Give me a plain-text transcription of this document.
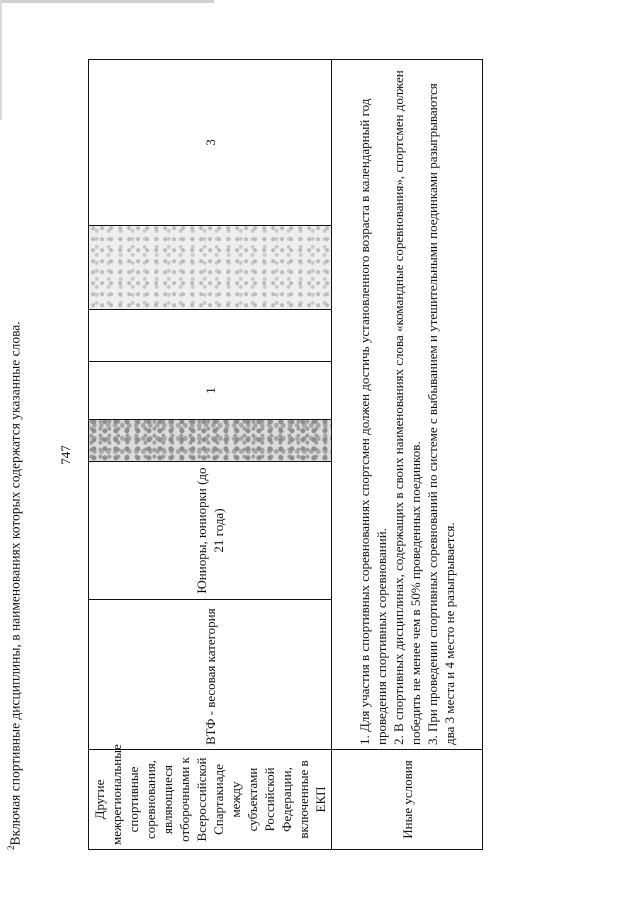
747
Другие межрегиональные спортивные соревнования, являющиеся отборочными к Всероссийской Спартакиаде между субъектами Российской Федерации, включенные в ЕКП	ВТФ - весовая категория	Юниоры, юниорки (до 21 года)		1			3
Иные условия	1. Для участия в спортивных соревнованиях спортсмен должен достичь установленного возраста в календарный год проведения спортивных соревнований. 2. В спортивных дисциплинах, содержащих в своих наименованиях слова «командные соревнования», спортсмен должен победить не менее чем в 50% проведенных поединков. 3. При проведении спортивных соревнований по системе с выбыванием и утешительными поединками разыгрываются два 3 места и 4 место не разыгрывается.						

$^2$Включая спортивные дисциплины, в наименованиях которых содержатся указанные слова.
